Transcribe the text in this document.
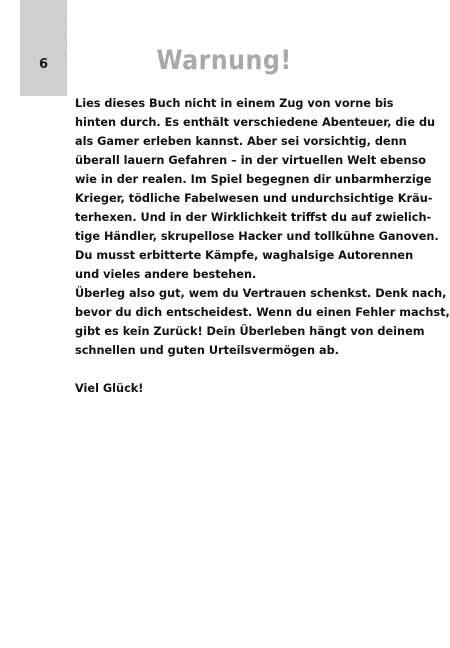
6	Warnung!
Lies dieses Buch nicht in einem Zug von vorne bis
hinten durch. Es enthält verschiedene Abenteuer, die du
als Gamer erleben kannst. Aber sei vorsichtig, denn
überall lauern Gefahren – in der virtuellen Welt ebenso
wie in der realen. Im Spiel begegnen dir unbarmherzige
Krieger, tödliche Fabelwesen und undurchsichtige Kräu-
terhexen. Und in der Wirklichkeit triffst du auf zwielich-
tige Händler, skrupellose Hacker und tollkühne Ganoven.
Du musst erbitterte Kämpfe, waghalsige Autorennen
und vieles andere bestehen.
Überleg also gut, wem du Vertrauen schenkst. Denk nach,
bevor du dich entscheidest. Wenn du einen Fehler machst,
gibt es kein Zurück! Dein Überleben hängt von deinem
schnellen und guten Urteilsvermögen ab.
Viel Glück!
